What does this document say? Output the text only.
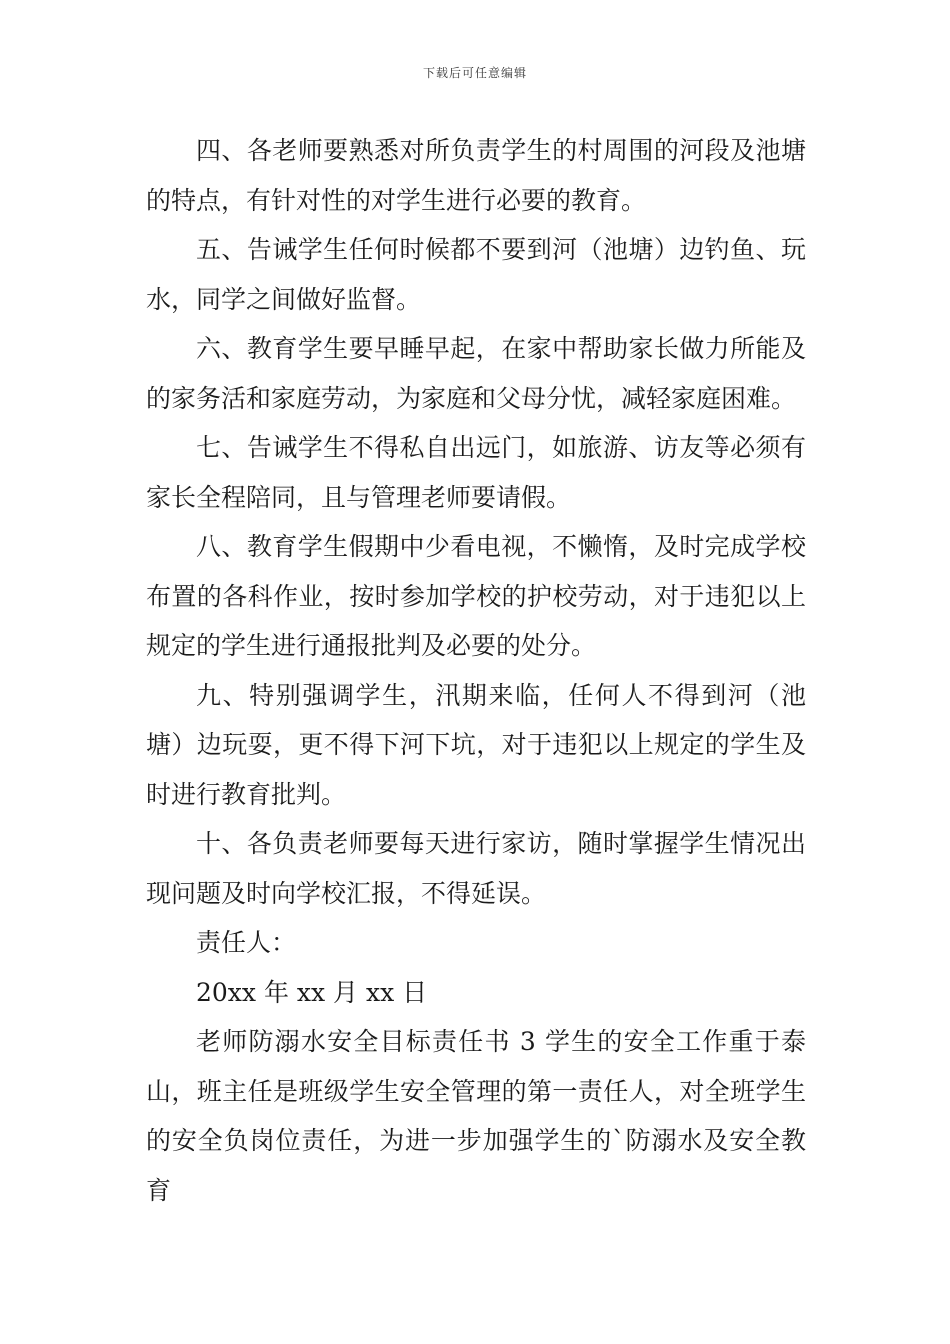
下载后可任意编辑

四、各老师要熟悉对所负责学生的村周围的河段及池塘的特点，有针对性的对学生进行必要的教育。

五、告诫学生任何时候都不要到河（池塘）边钓鱼、玩水，同学之间做好监督。

六、教育学生要早睡早起，在家中帮助家长做力所能及的家务活和家庭劳动，为家庭和父母分忧，减轻家庭困难。

七、告诫学生不得私自出远门，如旅游、访友等必须有家长全程陪同，且与管理老师要请假。

八、教育学生假期中少看电视，不懒惰，及时完成学校布置的各科作业，按时参加学校的护校劳动，对于违犯以上规定的学生进行通报批判及必要的处分。

九、特别强调学生，汛期来临，任何人不得到河（池塘）边玩耍，更不得下河下坑，对于违犯以上规定的学生及时进行教育批判。

十、各负责老师要每天进行家访，随时掌握学生情况出现问题及时向学校汇报，不得延误。

责任人：

20xx 年 xx 月 xx 日

老师防溺水安全目标责任书 3 学生的安全工作重于泰山，班主任是班级学生安全管理的第一责任人，对全班学生的安全负岗位责任，为进一步加强学生的`防溺水及安全教育
